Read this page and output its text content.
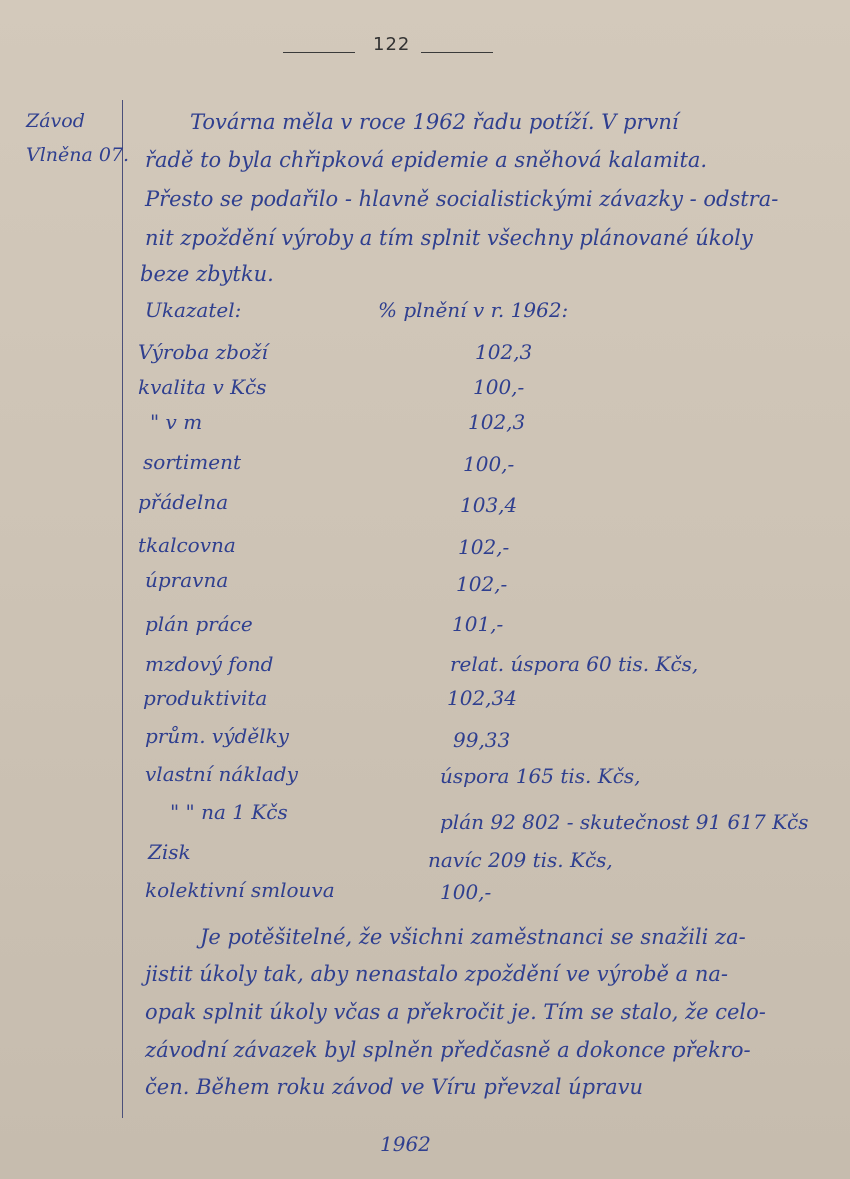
122
Závod
Vlněna 07.
Továrna měla v roce 1962 řadu potíží. V první
řadě to byla chřipková epidemie a sněhová kalamita.
Přesto se podařilo - hlavně socialistickými závazky - odstra-
nit zpoždění výroby a tím splnit všechny plánované úkoly
beze zbytku.
Ukazatel:	% plnění v r. 1962:
Výroba zboží	102,3
kvalita v Kčs	100,-
" v m	102,3
sortiment	100,-
přádelna	103,4
tkalcovna	102,-
úpravna	102,-
plán práce	101,-
mzdový fond	relat. úspora 60 tis. Kčs,
produktivita	102,34
prům. výdělky	99,33
vlastní náklady	úspora 165 tis. Kčs,
" " na 1 Kčs	plán 92 802 - skutečnost 91 617 Kčs
Zisk	navíc 209 tis. Kčs,
kolektivní smlouva	100,-
Je potěšitelné, že všichni zaměstnanci se snažili za-
jistit úkoly tak, aby nenastalo zpoždění ve výrobě a na-
opak splnit úkoly včas a překročit je. Tím se stalo, že celo-
závodní závazek byl splněn předčasně a dokonce překro-
čen. Během roku závod ve Víru převzal úpravu
1962
